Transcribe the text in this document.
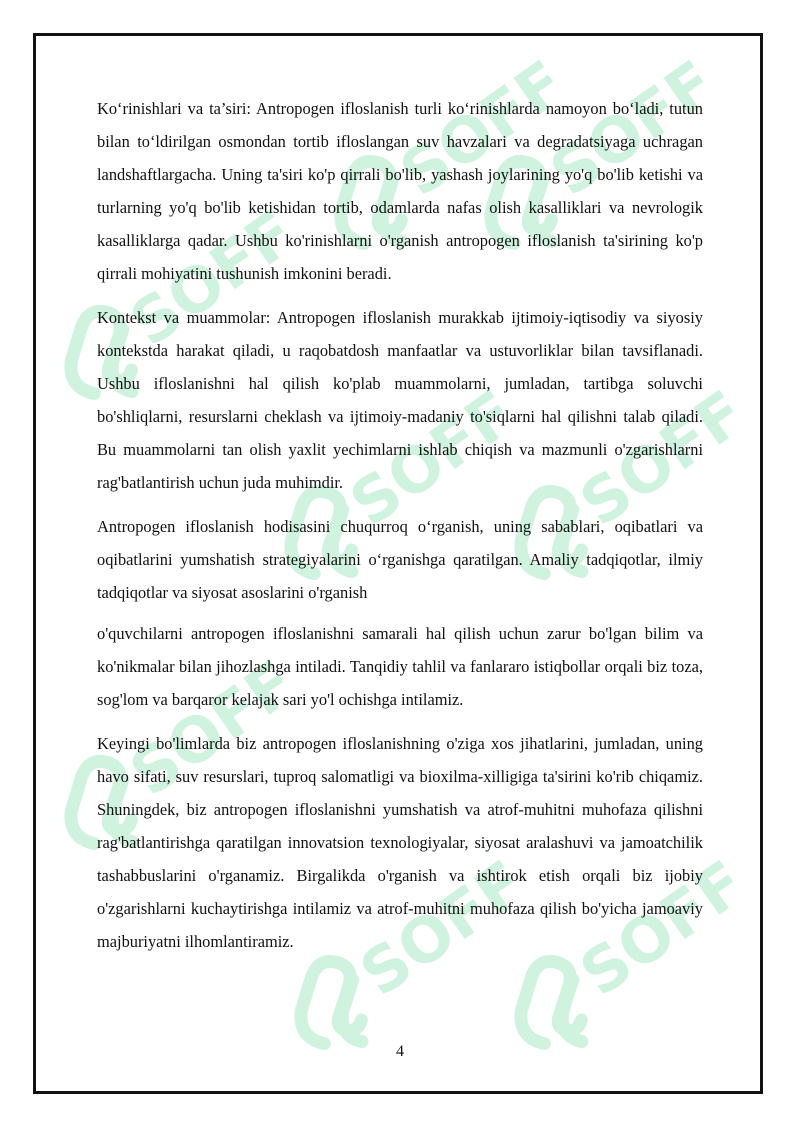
Ko‘rinishlari va ta’siri: Antropogen ifloslanish turli ko‘rinishlarda namoyon bo‘ladi, tutun bilan to‘ldirilgan osmondan tortib ifloslangan suv havzalari va degradatsiyaga uchragan landshaftlargacha. Uning ta'siri ko'p qirrali bo'lib, yashash joylarining yo'q bo'lib ketishi va turlarning yo'q bo'lib ketishidan tortib, odamlarda nafas olish kasalliklari va nevrologik kasalliklarga qadar. Ushbu ko'rinishlarni o'rganish antropogen ifloslanish ta'sirining ko'p qirrali mohiyatini tushunish imkonini beradi.

Kontekst va muammolar: Antropogen ifloslanish murakkab ijtimoiy-iqtisodiy va siyosiy kontekstda harakat qiladi, u raqobatdosh manfaatlar va ustuvorliklar bilan tavsiflanadi. Ushbu ifloslanishni hal qilish ko'plab muammolarni, jumladan, tartibga soluvchi bo'shliqlarni, resurslarni cheklash va ijtimoiy-madaniy to'siqlarni hal qilishni talab qiladi. Bu muammolarni tan olish yaxlit yechimlarni ishlab chiqish va mazmunli o'zgarishlarni rag'batlantirish uchun juda muhimdir.

Antropogen ifloslanish hodisasini chuqurroq o‘rganish, uning sabablari, oqibatlari va oqibatlarini yumshatish strategiyalarini o‘rganishga qaratilgan. Amaliy tadqiqotlar, ilmiy tadqiqotlar va siyosat asoslarini o'rganish

o'quvchilarni antropogen ifloslanishni samarali hal qilish uchun zarur bo'lgan bilim va ko'nikmalar bilan jihozlashga intiladi. Tanqidiy tahlil va fanlararo istiqbollar orqali biz toza, sog'lom va barqaror kelajak sari yo'l ochishga intilamiz.

Keyingi bo'limlarda biz antropogen ifloslanishning o'ziga xos jihatlarini, jumladan, uning havo sifati, suv resurslari, tuproq salomatligi va bioxilma-xilligiga ta'sirini ko'rib chiqamiz. Shuningdek, biz antropogen ifloslanishni yumshatish va atrof-muhitni muhofaza qilishni rag'batlantirishga qaratilgan innovatsion texnologiyalar, siyosat aralashuvi va jamoatchilik tashabbuslarini o'rganamiz. Birgalikda o'rganish va ishtirok etish orqali biz ijobiy o'zgarishlarni kuchaytirishga intilamiz va atrof-muhitni muhofaza qilish bo'yicha jamoaviy majburiyatni ilhomlantiramiz.

4
